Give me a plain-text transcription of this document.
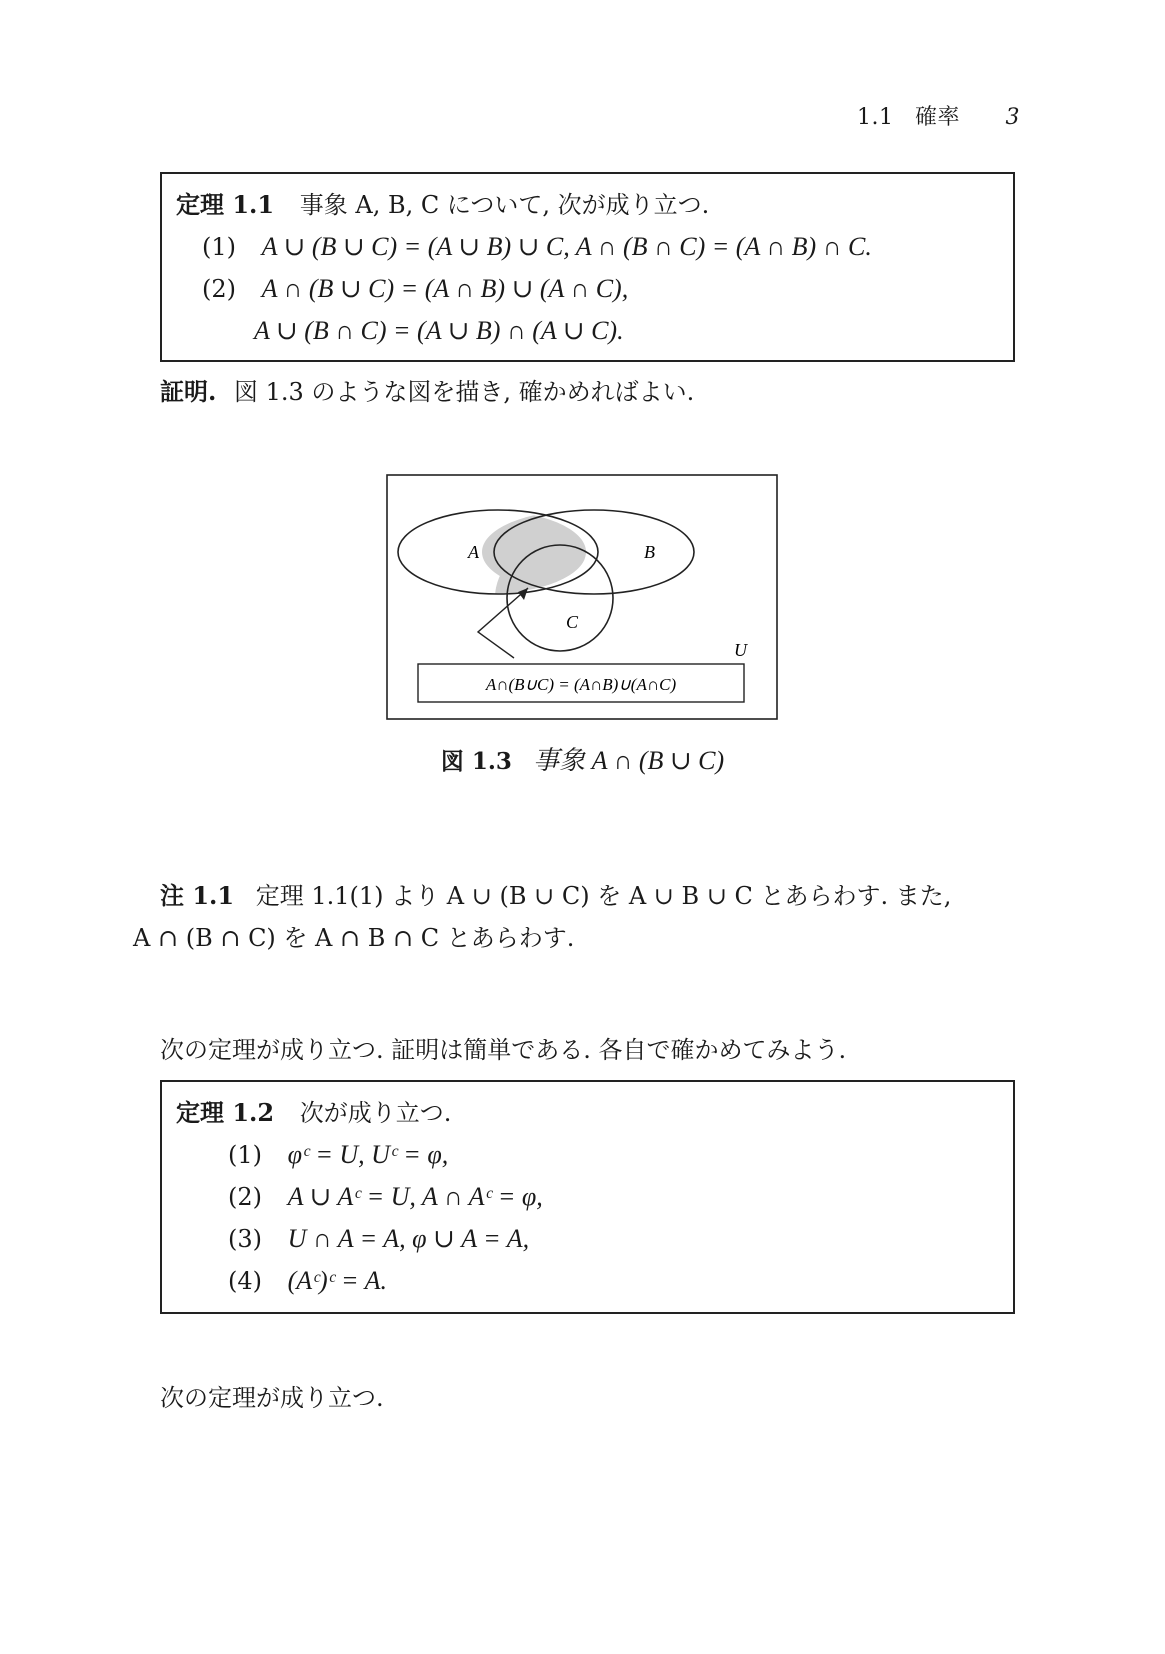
1.1 確率 3
定理 1.1 事象 A, B, C について, 次が成り立つ.
(1) A ∪ (B ∪ C) = (A ∪ B) ∪ C, A ∩ (B ∩ C) = (A ∩ B) ∩ C.
(2) A ∩ (B ∪ C) = (A ∩ B) ∪ (A ∩ C),
A ∪ (B ∩ C) = (A ∪ B) ∩ (A ∪ C).
証明. 図 1.3 のような図を描き, 確かめればよい.
A	B
C
U
A∩(B∪C) = (A∩B)∪(A∩C)
図 1.3 事象 A ∩ (B ∪ C)
注 1.1 定理 1.1(1) より A ∪ (B ∪ C) を A ∪ B ∪ C とあらわす. また,
A ∩ (B ∩ C) を A ∩ B ∩ C とあらわす.
次の定理が成り立つ. 証明は簡単である. 各自で確かめてみよう.
定理 1.2 次が成り立つ.
(1) φᶜ = U, Uᶜ = φ,
(2) A ∪ Aᶜ = U, A ∩ Aᶜ = φ,
(3) U ∩ A = A, φ ∪ A = A,
(4) (Aᶜ)ᶜ = A.
次の定理が成り立つ.
